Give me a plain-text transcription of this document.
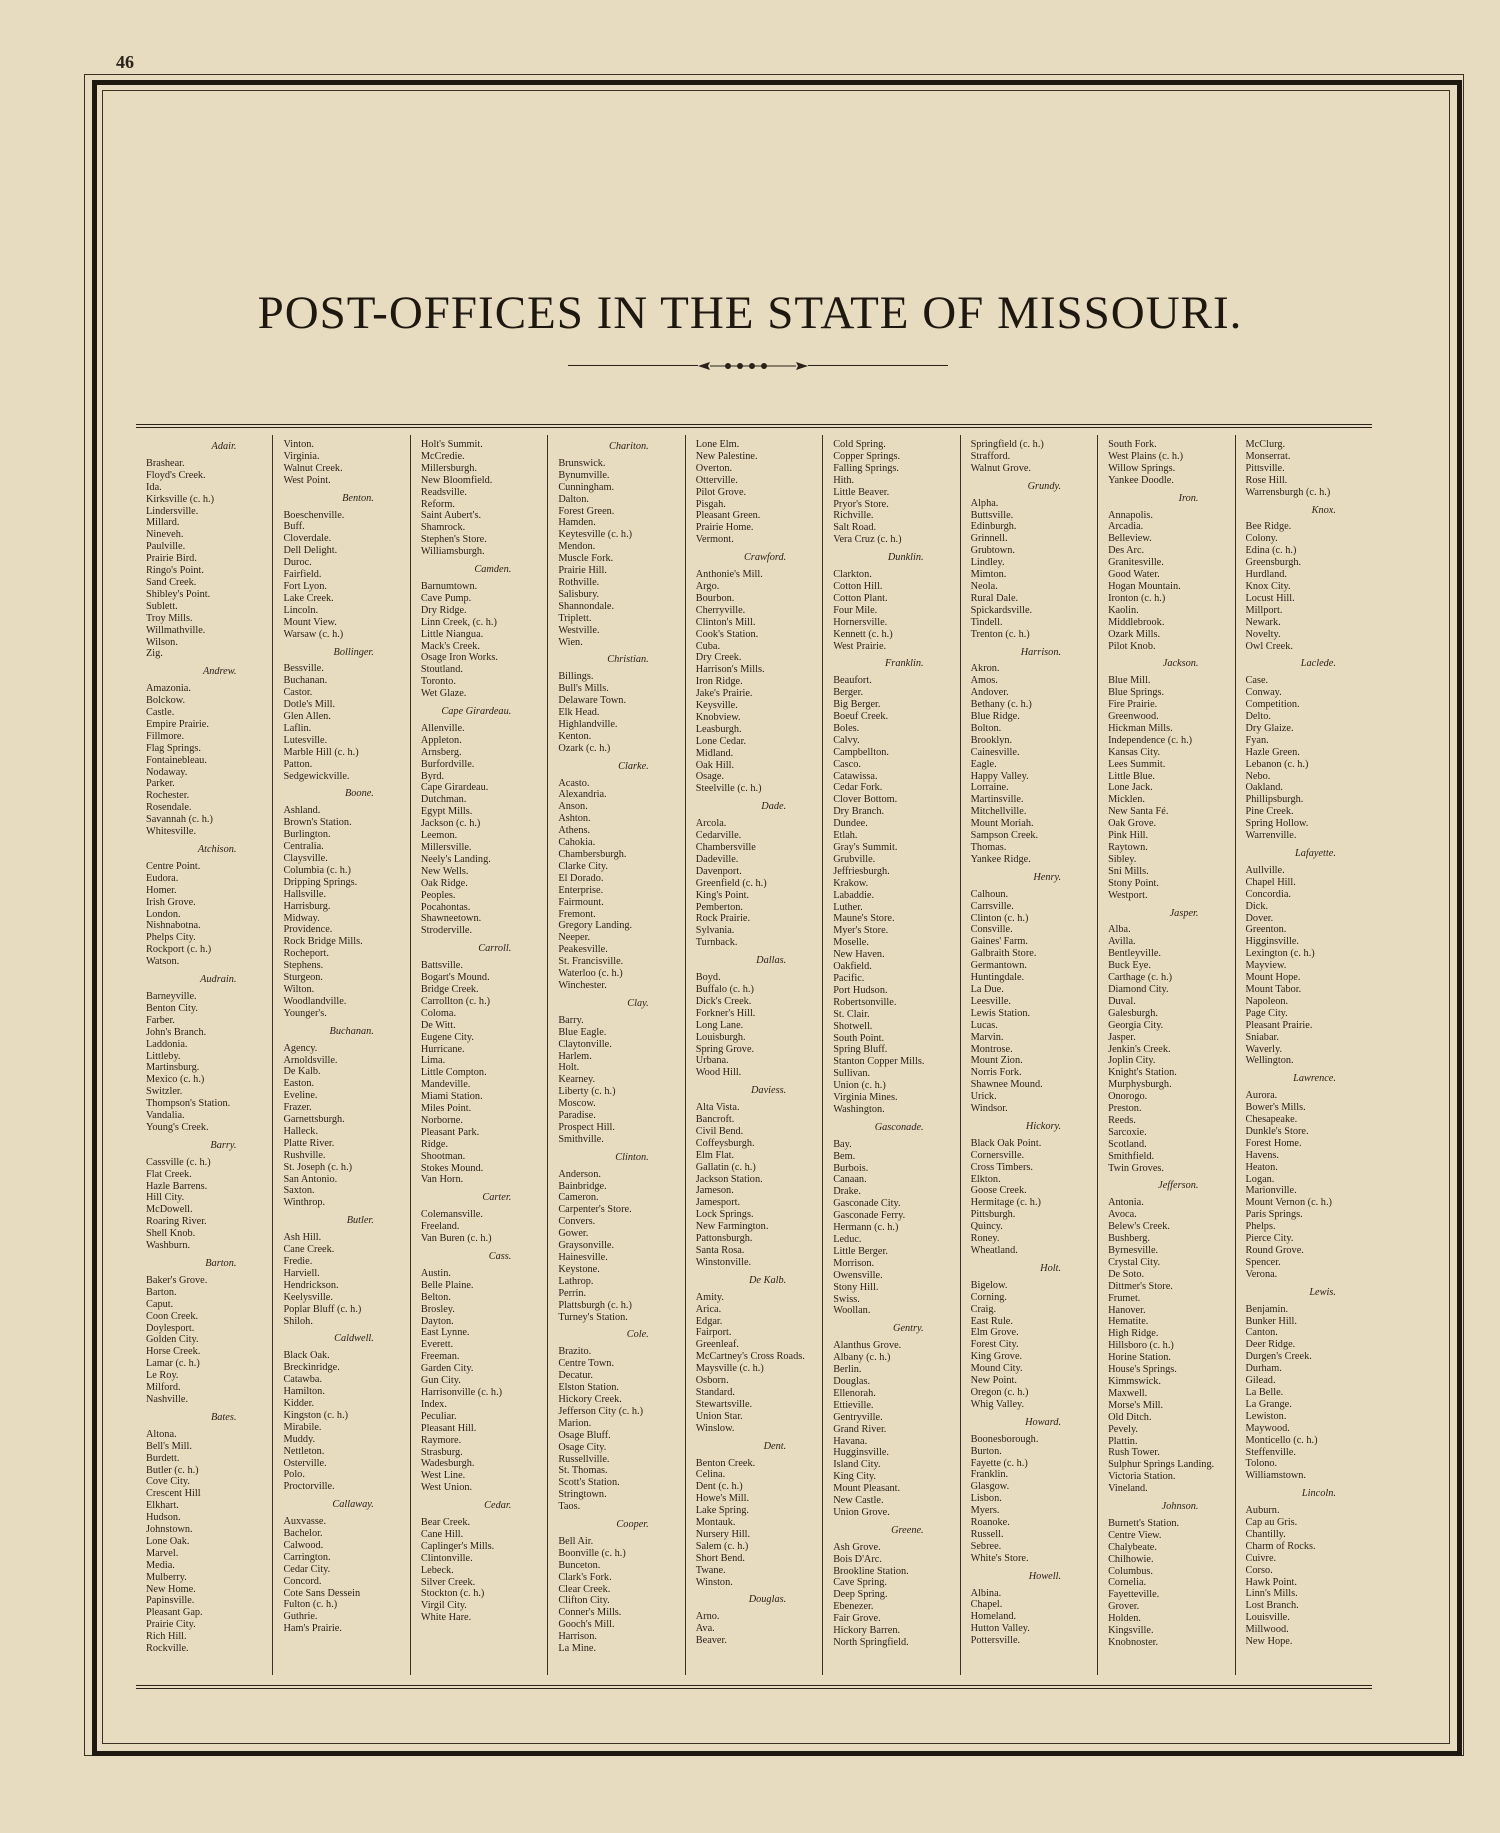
46
POST-OFFICES IN THE STATE OF MISSOURI.
Adair.
Brashear.
Floyd's Creek.
Ida.
Kirksville (c. h.)
Lindersville.
Millard.
Nineveh.
Paulville.
Prairie Bird.
Ringo's Point.
Sand Creek.
Shibley's Point.
Sublett.
Troy Mills.
Willmathville.
Wilson.
Zig.
Andrew.
Amazonia.
Bolckow.
Castle.
Empire Prairie.
Fillmore.
Flag Springs.
Fontainebleau.
Nodaway.
Parker.
Rochester.
Rosendale.
Savannah (c. h.)
Whitesville.
Atchison.
Centre Point.
Eudora.
Homer.
Irish Grove.
London.
Nishnabotna.
Phelps City.
Rockport (c. h.)
Watson.
Audrain.
Barneyville.
Benton City.
Farber.
John's Branch.
Laddonia.
Littleby.
Martinsburg.
Mexico (c. h.)
Switzler.
Thompson's Station.
Vandalia.
Young's Creek.
Barry.
Cassville (c. h.)
Flat Creek.
Hazle Barrens.
Hill City.
McDowell.
Roaring River.
Shell Knob.
Washburn.
Barton.
Baker's Grove.
Barton.
Caput.
Coon Creek.
Doylesport.
Golden City.
Horse Creek.
Lamar (c. h.)
Le Roy.
Milford.
Nashville.
Bates.
Altona.
Bell's Mill.
Burdett.
Butler (c. h.)
Cove City.
Crescent Hill
Elkhart.
Hudson.
Johnstown.
Lone Oak.
Marvel.
Media.
Mulberry.
New Home.
Papinsville.
Pleasant Gap.
Prairie City.
Rich Hill.
Rockville.
Vinton.
Virginia.
Walnut Creek.
West Point.
Benton.
Boeschenville.
Buff.
Cloverdale.
Dell Delight.
Duroc.
Fairfield.
Fort Lyon.
Lake Creek.
Lincoln.
Mount View.
Warsaw (c. h.)
Bollinger.
Bessville.
Buchanan.
Castor.
Dotle's Mill.
Glen Allen.
Laflin.
Lutesville.
Marble Hill (c. h.)
Patton.
Sedgewickville.
Boone.
Ashland.
Brown's Station.
Burlington.
Centralia.
Claysville.
Columbia (c. h.)
Dripping Springs.
Hallsville.
Harrisburg.
Midway.
Providence.
Rock Bridge Mills.
Rocheport.
Stephens.
Sturgeon.
Wilton.
Woodlandville.
Younger's.
Buchanan.
Agency.
Arnoldsville.
De Kalb.
Easton.
Eveline.
Frazer.
Garnettsburgh.
Halleck.
Platte River.
Rushville.
St. Joseph (c. h.)
San Antonio.
Saxton.
Winthrop.
Butler.
Ash Hill.
Cane Creek.
Fredie.
Harviell.
Hendrickson.
Keelysville.
Poplar Bluff (c. h.)
Shiloh.
Caldwell.
Black Oak.
Breckinridge.
Catawba.
Hamilton.
Kidder.
Kingston (c. h.)
Mirabile.
Muddy.
Nettleton.
Osterville.
Polo.
Proctorville.
Callaway.
Auxvasse.
Bachelor.
Calwood.
Carrington.
Cedar City.
Concord.
Cote Sans Dessein
Fulton (c. h.)
Guthrie.
Ham's Prairie.
Holt's Summit.
McCredie.
Millersburgh.
New Bloomfield.
Readsville.
Reform.
Saint Aubert's.
Shamrock.
Stephen's Store.
Williamsburgh.
Camden.
Barnumtown.
Cave Pump.
Dry Ridge.
Linn Creek, (c. h.)
Little Niangua.
Mack's Creek.
Osage Iron Works.
Stoutland.
Toronto.
Wet Glaze.
Cape Girardeau.
Allenville.
Appleton.
Arnsberg.
Burfordville.
Byrd.
Cape Girardeau.
Dutchman.
Egypt Mills.
Jackson (c. h.)
Leemon.
Millersville.
Neely's Landing.
New Wells.
Oak Ridge.
Peoples.
Pocahontas.
Shawneetown.
Stroderville.
Carroll.
Battsville.
Bogart's Mound.
Bridge Creek.
Carrollton (c. h.)
Coloma.
De Witt.
Eugene City.
Hurricane.
Lima.
Little Compton.
Mandeville.
Miami Station.
Miles Point.
Norborne.
Pleasant Park.
Ridge.
Shootman.
Stokes Mound.
Van Horn.
Carter.
Colemansville.
Freeland.
Van Buren (c. h.)
Cass.
Austin.
Belle Plaine.
Belton.
Brosley.
Dayton.
East Lynne.
Everett.
Freeman.
Garden City.
Gun City.
Harrisonville (c. h.)
Index.
Peculiar.
Pleasant Hill.
Raymore.
Strasburg.
Wadesburgh.
West Line.
West Union.
Cedar.
Bear Creek.
Cane Hill.
Caplinger's Mills.
Clintonville.
Lebeck.
Silver Creek.
Stockton (c. h.)
Virgil City.
White Hare.
Chariton.
Brunswick.
Bynumville.
Cunningham.
Dalton.
Forest Green.
Hamden.
Keytesville (c. h.)
Mendon.
Muscle Fork.
Prairie Hill.
Rothville.
Salisbury.
Shannondale.
Triplett.
Westville.
Wien.
Christian.
Billings.
Bull's Mills.
Delaware Town.
Elk Head.
Highlandville.
Kenton.
Ozark (c. h.)
Clarke.
Acasto.
Alexandria.
Anson.
Ashton.
Athens.
Cahokia.
Chambersburgh.
Clarke City.
El Dorado.
Enterprise.
Fairmount.
Fremont.
Gregory Landing.
Neeper.
Peakesville.
St. Francisville.
Waterloo (c. h.)
Winchester.
Clay.
Barry.
Blue Eagle.
Claytonville.
Harlem.
Holt.
Kearney.
Liberty (c. h.)
Moscow.
Paradise.
Prospect Hill.
Smithville.
Clinton.
Anderson.
Bainbridge.
Cameron.
Carpenter's Store.
Convers.
Gower.
Graysonville.
Hainesville.
Keystone.
Lathrop.
Perrin.
Plattsburgh (c. h.)
Turney's Station.
Cole.
Brazito.
Centre Town.
Decatur.
Elston Station.
Hickory Creek.
Jefferson City (c. h.)
Marion.
Osage Bluff.
Osage City.
Russellville.
St. Thomas.
Scott's Station.
Stringtown.
Taos.
Cooper.
Bell Air.
Boonville (c. h.)
Bunceton.
Clark's Fork.
Clear Creek.
Clifton City.
Conner's Mills.
Gooch's Mill.
Harrison.
La Mine.
Lone Elm.
New Palestine.
Overton.
Otterville.
Pilot Grove.
Pisgah.
Pleasant Green.
Prairie Home.
Vermont.
Crawford.
Anthonie's Mill.
Argo.
Bourbon.
Cherryville.
Clinton's Mill.
Cook's Station.
Cuba.
Dry Creek.
Harrison's Mills.
Iron Ridge.
Jake's Prairie.
Keysville.
Knobview.
Leasburgh.
Lone Cedar.
Midland.
Oak Hill.
Osage.
Steelville (c. h.)
Dade.
Arcola.
Cedarville.
Chambersville
Dadeville.
Davenport.
Greenfield (c. h.)
King's Point.
Pemberton.
Rock Prairie.
Sylvania.
Turnback.
Dallas.
Boyd.
Buffalo (c. h.)
Dick's Creek.
Forkner's Hill.
Long Lane.
Louisburgh.
Spring Grove.
Urbana.
Wood Hill.
Daviess.
Alta Vista.
Bancroft.
Civil Bend.
Coffeysburgh.
Elm Flat.
Gallatin (c. h.)
Jackson Station.
Jameson.
Jamesport.
Lock Springs.
New Farmington.
Pattonsburgh.
Santa Rosa.
Winstonville.
De Kalb.
Amity.
Arica.
Edgar.
Fairport.
Greenleaf.
McCartney's Cross Roads.
Maysville (c. h.)
Osborn.
Standard.
Stewartsville.
Union Star.
Winslow.
Dent.
Benton Creek.
Celina.
Dent (c. h.)
Howe's Mill.
Lake Spring.
Montauk.
Nursery Hill.
Salem (c. h.)
Short Bend.
Twane.
Winston.
Douglas.
Arno.
Ava.
Beaver.
Cold Spring.
Copper Springs.
Falling Springs.
Hith.
Little Beaver.
Pryor's Store.
Richville.
Salt Road.
Vera Cruz (c. h.)
Dunklin.
Clarkton.
Cotton Hill.
Cotton Plant.
Four Mile.
Hornersville.
Kennett (c. h.)
West Prairie.
Franklin.
Beaufort.
Berger.
Big Berger.
Boeuf Creek.
Boles.
Calvy.
Campbellton.
Casco.
Catawissa.
Cedar Fork.
Clover Bottom.
Dry Branch.
Dundee.
Etlah.
Gray's Summit.
Grubville.
Jeffriesburgh.
Krakow.
Labaddie.
Luther.
Maune's Store.
Myer's Store.
Moselle.
New Haven.
Oakfield.
Pacific.
Port Hudson.
Robertsonville.
St. Clair.
Shotwell.
South Point.
Spring Bluff.
Stanton Copper Mills.
Sullivan.
Union (c. h.)
Virginia Mines.
Washington.
Gasconade.
Bay.
Bem.
Burbois.
Canaan.
Drake.
Gasconade City.
Gasconade Ferry.
Hermann (c. h.)
Leduc.
Little Berger.
Morrison.
Owensville.
Stony Hill.
Swiss.
Woollan.
Gentry.
Alanthus Grove.
Albany (c. h.)
Berlin.
Douglas.
Ellenorah.
Ettieville.
Gentryville.
Grand River.
Havana.
Hugginsville.
Island City.
King City.
Mount Pleasant.
New Castle.
Union Grove.
Greene.
Ash Grove.
Bois D'Arc.
Brookline Station.
Cave Spring.
Deep Spring.
Ebenezer.
Fair Grove.
Hickory Barren.
North Springfield.
Springfield (c. h.)
Strafford.
Walnut Grove.
Grundy.
Alpha.
Buttsville.
Edinburgh.
Grinnell.
Grubtown.
Lindley.
Mimton.
Neola.
Rural Dale.
Spickardsville.
Tindell.
Trenton (c. h.)
Harrison.
Akron.
Amos.
Andover.
Bethany (c. h.)
Blue Ridge.
Bolton.
Brooklyn.
Cainesville.
Eagle.
Happy Valley.
Lorraine.
Martinsville.
Mitchellville.
Mount Moriah.
Sampson Creek.
Thomas.
Yankee Ridge.
Henry.
Calhoun.
Carrsville.
Clinton (c. h.)
Consville.
Gaines' Farm.
Galbraith Store.
Germantown.
Huntingdale.
La Due.
Leesville.
Lewis Station.
Lucas.
Marvin.
Montrose.
Mount Zion.
Norris Fork.
Shawnee Mound.
Urick.
Windsor.
Hickory.
Black Oak Point.
Cornersville.
Cross Timbers.
Elkton.
Goose Creek.
Hermitage (c. h.)
Pittsburgh.
Quincy.
Roney.
Wheatland.
Holt.
Bigelow.
Corning.
Craig.
East Rule.
Elm Grove.
Forest City.
King Grove.
Mound City.
New Point.
Oregon (c. h.)
Whig Valley.
Howard.
Boonesborough.
Burton.
Fayette (c. h.)
Franklin.
Glasgow.
Lisbon.
Myers.
Roanoke.
Russell.
Sebree.
White's Store.
Howell.
Albina.
Chapel.
Homeland.
Hutton Valley.
Pottersville.
South Fork.
West Plains (c. h.)
Willow Springs.
Yankee Doodle.
Iron.
Annapolis.
Arcadia.
Belleview.
Des Arc.
Granitesville.
Good Water.
Hogan Mountain.
Ironton (c. h.)
Kaolin.
Middlebrook.
Ozark Mills.
Pilot Knob.
Jackson.
Blue Mill.
Blue Springs.
Fire Prairie.
Greenwood.
Hickman Mills.
Independence (c. h.)
Kansas City.
Lees Summit.
Little Blue.
Lone Jack.
Micklen.
New Santa Fé.
Oak Grove.
Pink Hill.
Raytown.
Sibley.
Sni Mills.
Stony Point.
Westport.
Jasper.
Alba.
Avilla.
Bentleyville.
Buck Eye.
Carthage (c. h.)
Diamond City.
Duval.
Galesburgh.
Georgia City.
Jasper.
Jenkin's Creek.
Joplin City.
Knight's Station.
Murphysburgh.
Onorogo.
Preston.
Reeds.
Sarcoxie.
Scotland.
Smithfield.
Twin Groves.
Jefferson.
Antonia.
Avoca.
Belew's Creek.
Bushberg.
Byrnesville.
Crystal City.
De Soto.
Dittmer's Store.
Frumet.
Hanover.
Hematite.
High Ridge.
Hillsboro (c. h.)
Horine Station.
House's Springs.
Kimmswick.
Maxwell.
Morse's Mill.
Old Ditch.
Pevely.
Plattin.
Rush Tower.
Sulphur Springs Landing.
Victoria Station.
Vineland.
Johnson.
Burnett's Station.
Centre View.
Chalybeate.
Chilhowie.
Columbus.
Cornelia.
Fayetteville.
Grover.
Holden.
Kingsville.
Knobnoster.
McClurg.
Monserrat.
Pittsville.
Rose Hill.
Warrensburgh (c. h.)
Knox.
Bee Ridge.
Colony.
Edina (c. h.)
Greensburgh.
Hurdland.
Knox City.
Locust Hill.
Millport.
Newark.
Novelty.
Owl Creek.
Laclede.
Case.
Conway.
Competition.
Delto.
Dry Glaize.
Fyan.
Hazle Green.
Lebanon (c. h.)
Nebo.
Oakland.
Phillipsburgh.
Pine Creek.
Spring Hollow.
Warrenville.
Lafayette.
Aullville.
Chapel Hill.
Concordia.
Dick.
Dover.
Greenton.
Higginsville.
Lexington (c. h.)
Mayview.
Mount Hope.
Mount Tabor.
Napoleon.
Page City.
Pleasant Prairie.
Sniabar.
Waverly.
Wellington.
Lawrence.
Aurora.
Bower's Mills.
Chesapeake.
Dunkle's Store.
Forest Home.
Havens.
Heaton.
Logan.
Marionville.
Mount Vernon (c. h.)
Paris Springs.
Phelps.
Pierce City.
Round Grove.
Spencer.
Verona.
Lewis.
Benjamin.
Bunker Hill.
Canton.
Deer Ridge.
Durgen's Creek.
Durham.
Gilead.
La Belle.
La Grange.
Lewiston.
Maywood.
Monticello (c. h.)
Steffenville.
Tolono.
Williamstown.
Lincoln.
Auburn.
Cap au Gris.
Chantilly.
Charm of Rocks.
Cuivre.
Corso.
Hawk Point.
Linn's Mills.
Lost Branch.
Louisville.
Millwood.
New Hope.
